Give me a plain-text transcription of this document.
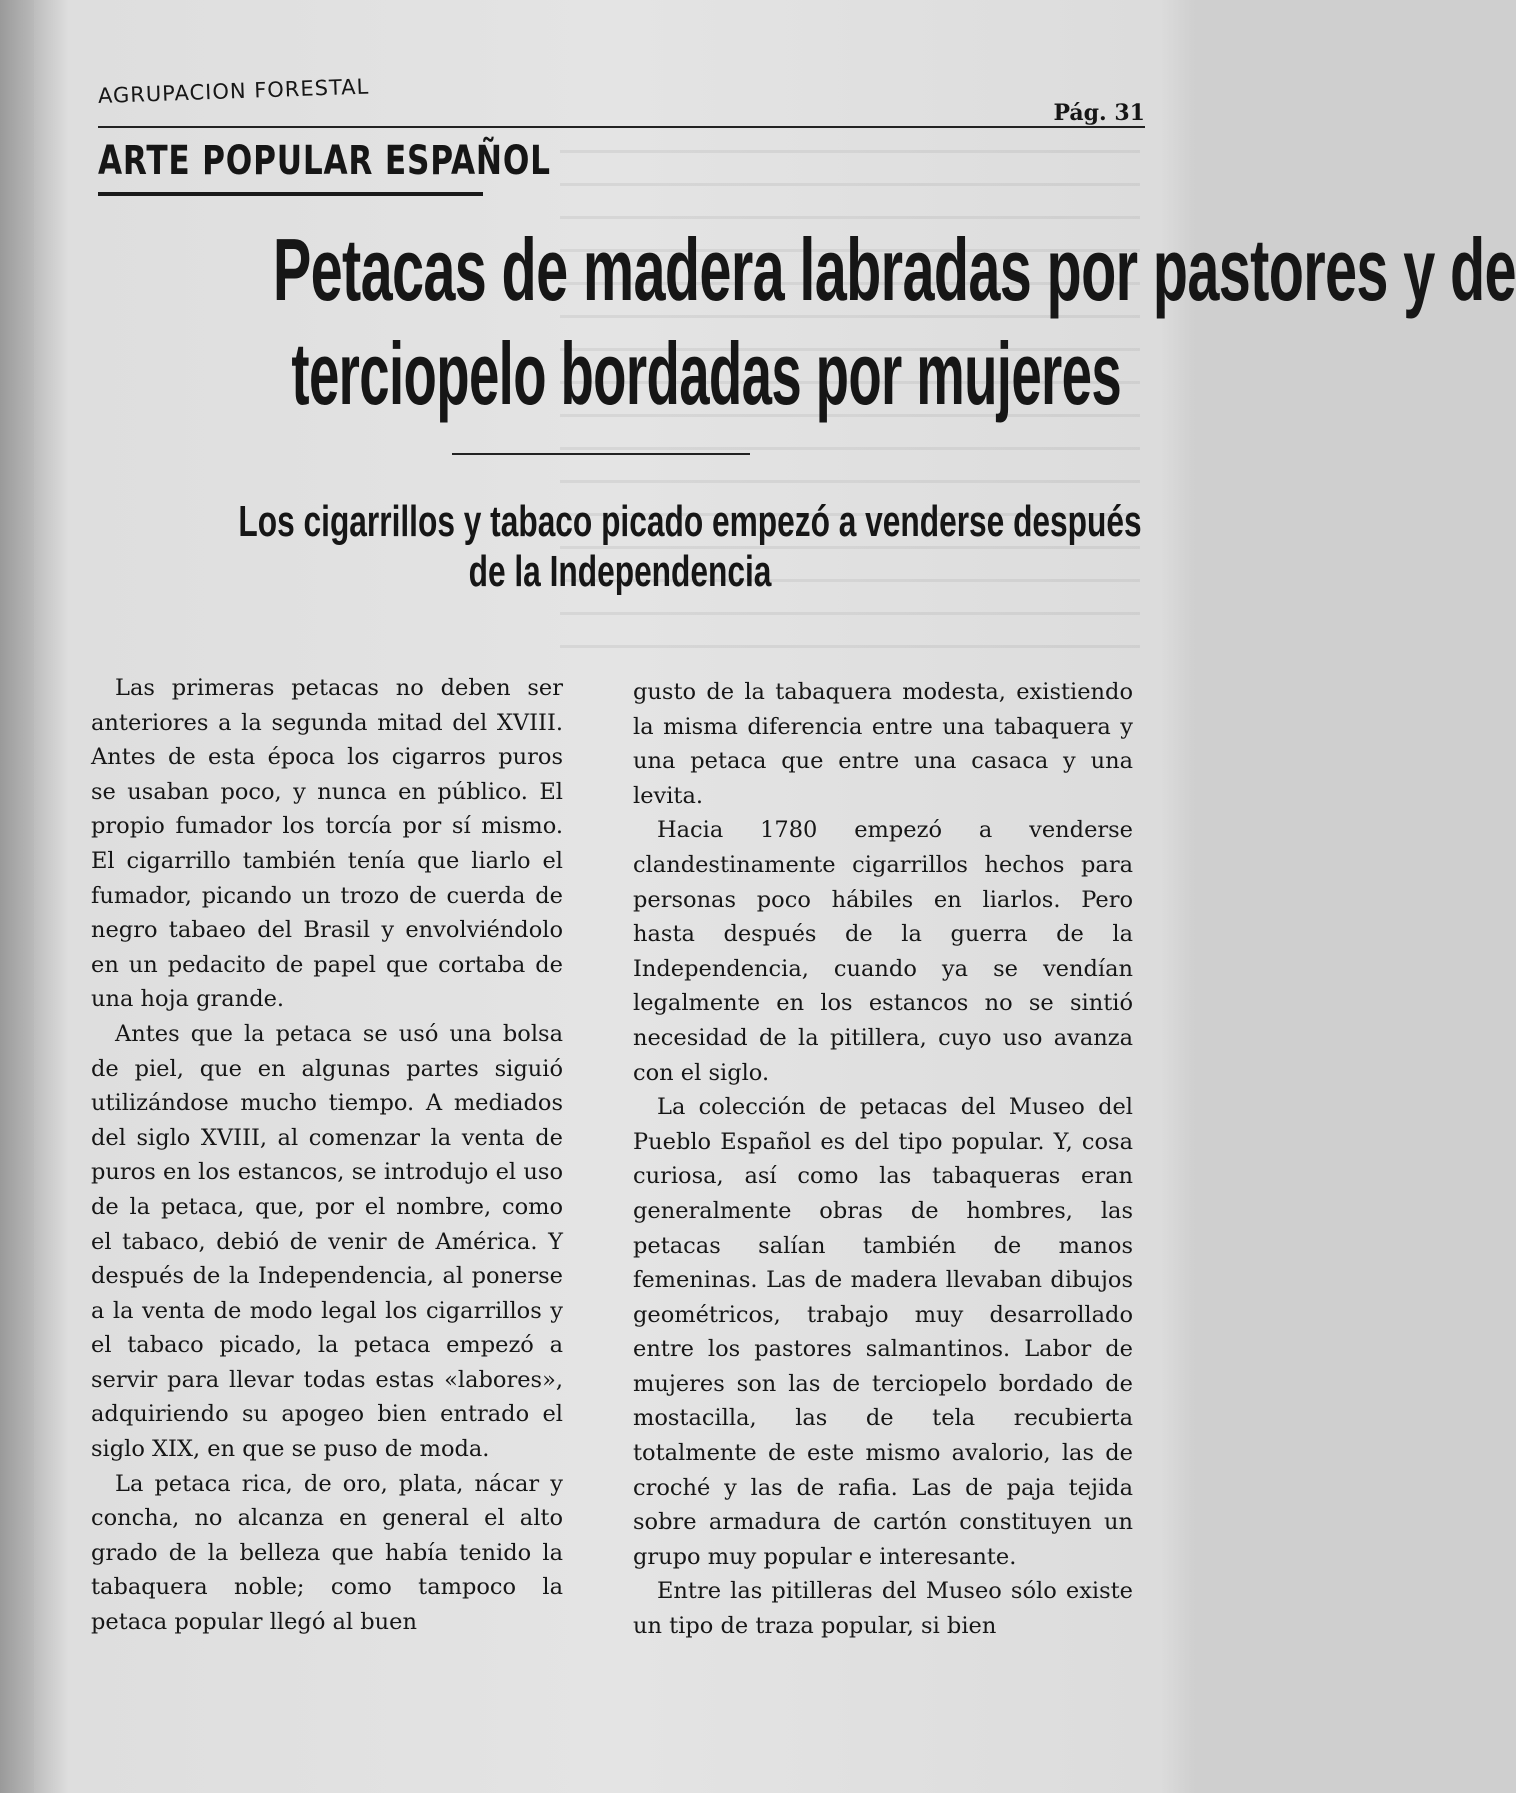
AGRUPACION FORESTAL
Pág. 31
ARTE POPULAR ESPAÑOL
Petacas de madera labradas por pastores y de
terciopelo bordadas por mujeres
Los cigarrillos y tabaco picado empezó a venderse después
de la Independencia

Las primeras petacas no deben ser anteriores a la segunda mitad del XVIII. Antes de esta época los cigarros puros se usaban poco, y nunca en público. El propio fumador los torcía por sí mismo. El cigarrillo también tenía que liarlo el fumador, picando un trozo de cuerda de negro tabaeo del Brasil y envolviéndolo en un pedacito de papel que cortaba de una hoja grande.

Antes que la petaca se usó una bolsa de piel, que en algunas partes siguió utilizándose mucho tiempo. A mediados del siglo XVIII, al comenzar la venta de puros en los estancos, se introdujo el uso de la petaca, que, por el nombre, como el tabaco, debió de venir de América. Y después de la Independencia, al ponerse a la venta de modo legal los cigarrillos y el tabaco picado, la petaca empezó a servir para llevar todas estas «labores», adquiriendo su apogeo bien entrado el siglo XIX, en que se puso de moda.

La petaca rica, de oro, plata, nácar y concha, no alcanza en general el alto grado de la belleza que había tenido la tabaquera noble; como tampoco la petaca popular llegó al buen

gusto de la tabaquera modesta, existiendo la misma diferencia entre una tabaquera y una petaca que entre una casaca y una levita.

Hacia 1780 empezó a venderse clandestinamente cigarrillos hechos para personas poco hábiles en liarlos. Pero hasta después de la guerra de la Independencia, cuando ya se vendían legalmente en los estancos no se sintió necesidad de la pitillera, cuyo uso avanza con el siglo.

La colección de petacas del Museo del Pueblo Español es del tipo popular. Y, cosa curiosa, así como las tabaqueras eran generalmente obras de hombres, las petacas salían también de manos femeninas. Las de madera llevaban dibujos geométricos, trabajo muy desarrollado entre los pastores salmantinos. Labor de mujeres son las de terciopelo bordado de mostacilla, las de tela recubierta totalmente de este mismo avalorio, las de croché y las de rafia. Las de paja tejida sobre armadura de cartón constituyen un grupo muy popular e interesante.

Entre las pitilleras del Museo sólo existe un tipo de traza popular, si bien
